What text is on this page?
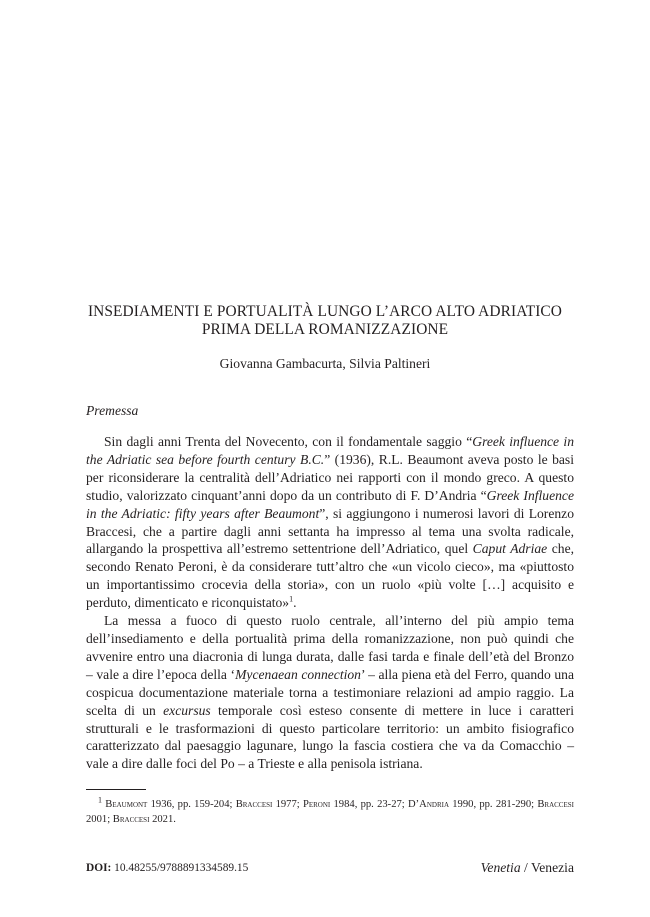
INSEDIAMENTI E PORTUALITÀ LUNGO L’ARCO ALTO ADRIATICO
PRIMA DELLA ROMANIZZAZIONE
Giovanna Gambacurta, Silvia Paltineri
Premessa

Sin dagli anni Trenta del Novecento, con il fondamentale saggio “Greek influence in the Adriatic sea before fourth century B.C.” (1936), R.L. Beaumont aveva posto le basi per riconsiderare la centralità dell’Adriatico nei rapporti con il mondo greco. A questo studio, valorizzato cinquant’anni dopo da un contributo di F. D’Andria “Greek Influence in the Adriatic: fifty years after Beaumont”, si aggiungono i numerosi lavori di Lorenzo Braccesi, che a partire dagli anni settanta ha impresso al tema una svolta radicale, allargando la prospettiva all’estremo settentrione dell’Adriatico, quel Caput Adriae che, secondo Renato Peroni, è da considerare tutt’altro che «un vicolo cieco», ma «piuttosto un importantissimo crocevia della storia», con un ruolo «più volte […] acquisito e perduto, dimenticato e riconquistato»$^1$.

La messa a fuoco di questo ruolo centrale, all’interno del più ampio tema dell’insediamento e della portualità prima della romanizzazione, non può quindi che avvenire entro una diacronia di lunga durata, dalle fasi tarda e finale dell’età del Bronzo – vale a dire l’epoca della ‘Mycenaean connection’ – alla piena età del Ferro, quando una cospicua documentazione materiale torna a testimoniare relazioni ad ampio raggio. La scelta di un excursus temporale così esteso consente di mettere in luce i caratteri strutturali e le trasformazioni di questo particolare territorio: un ambito fisiografico caratterizzato dal paesaggio lagunare, lungo la fascia costiera che va da Comacchio – vale a dire dalle foci del Po – a Trieste e alla penisola istriana.

$^1$ Beaumont 1936, pp. 159-204; Braccesi 1977; Peroni 1984, pp. 23-27; D’Andria 1990, pp. 281-290; Braccesi 2001; Braccesi 2021.
DOI: 10.48255/9788891334589.15	Venetia / Venezia
